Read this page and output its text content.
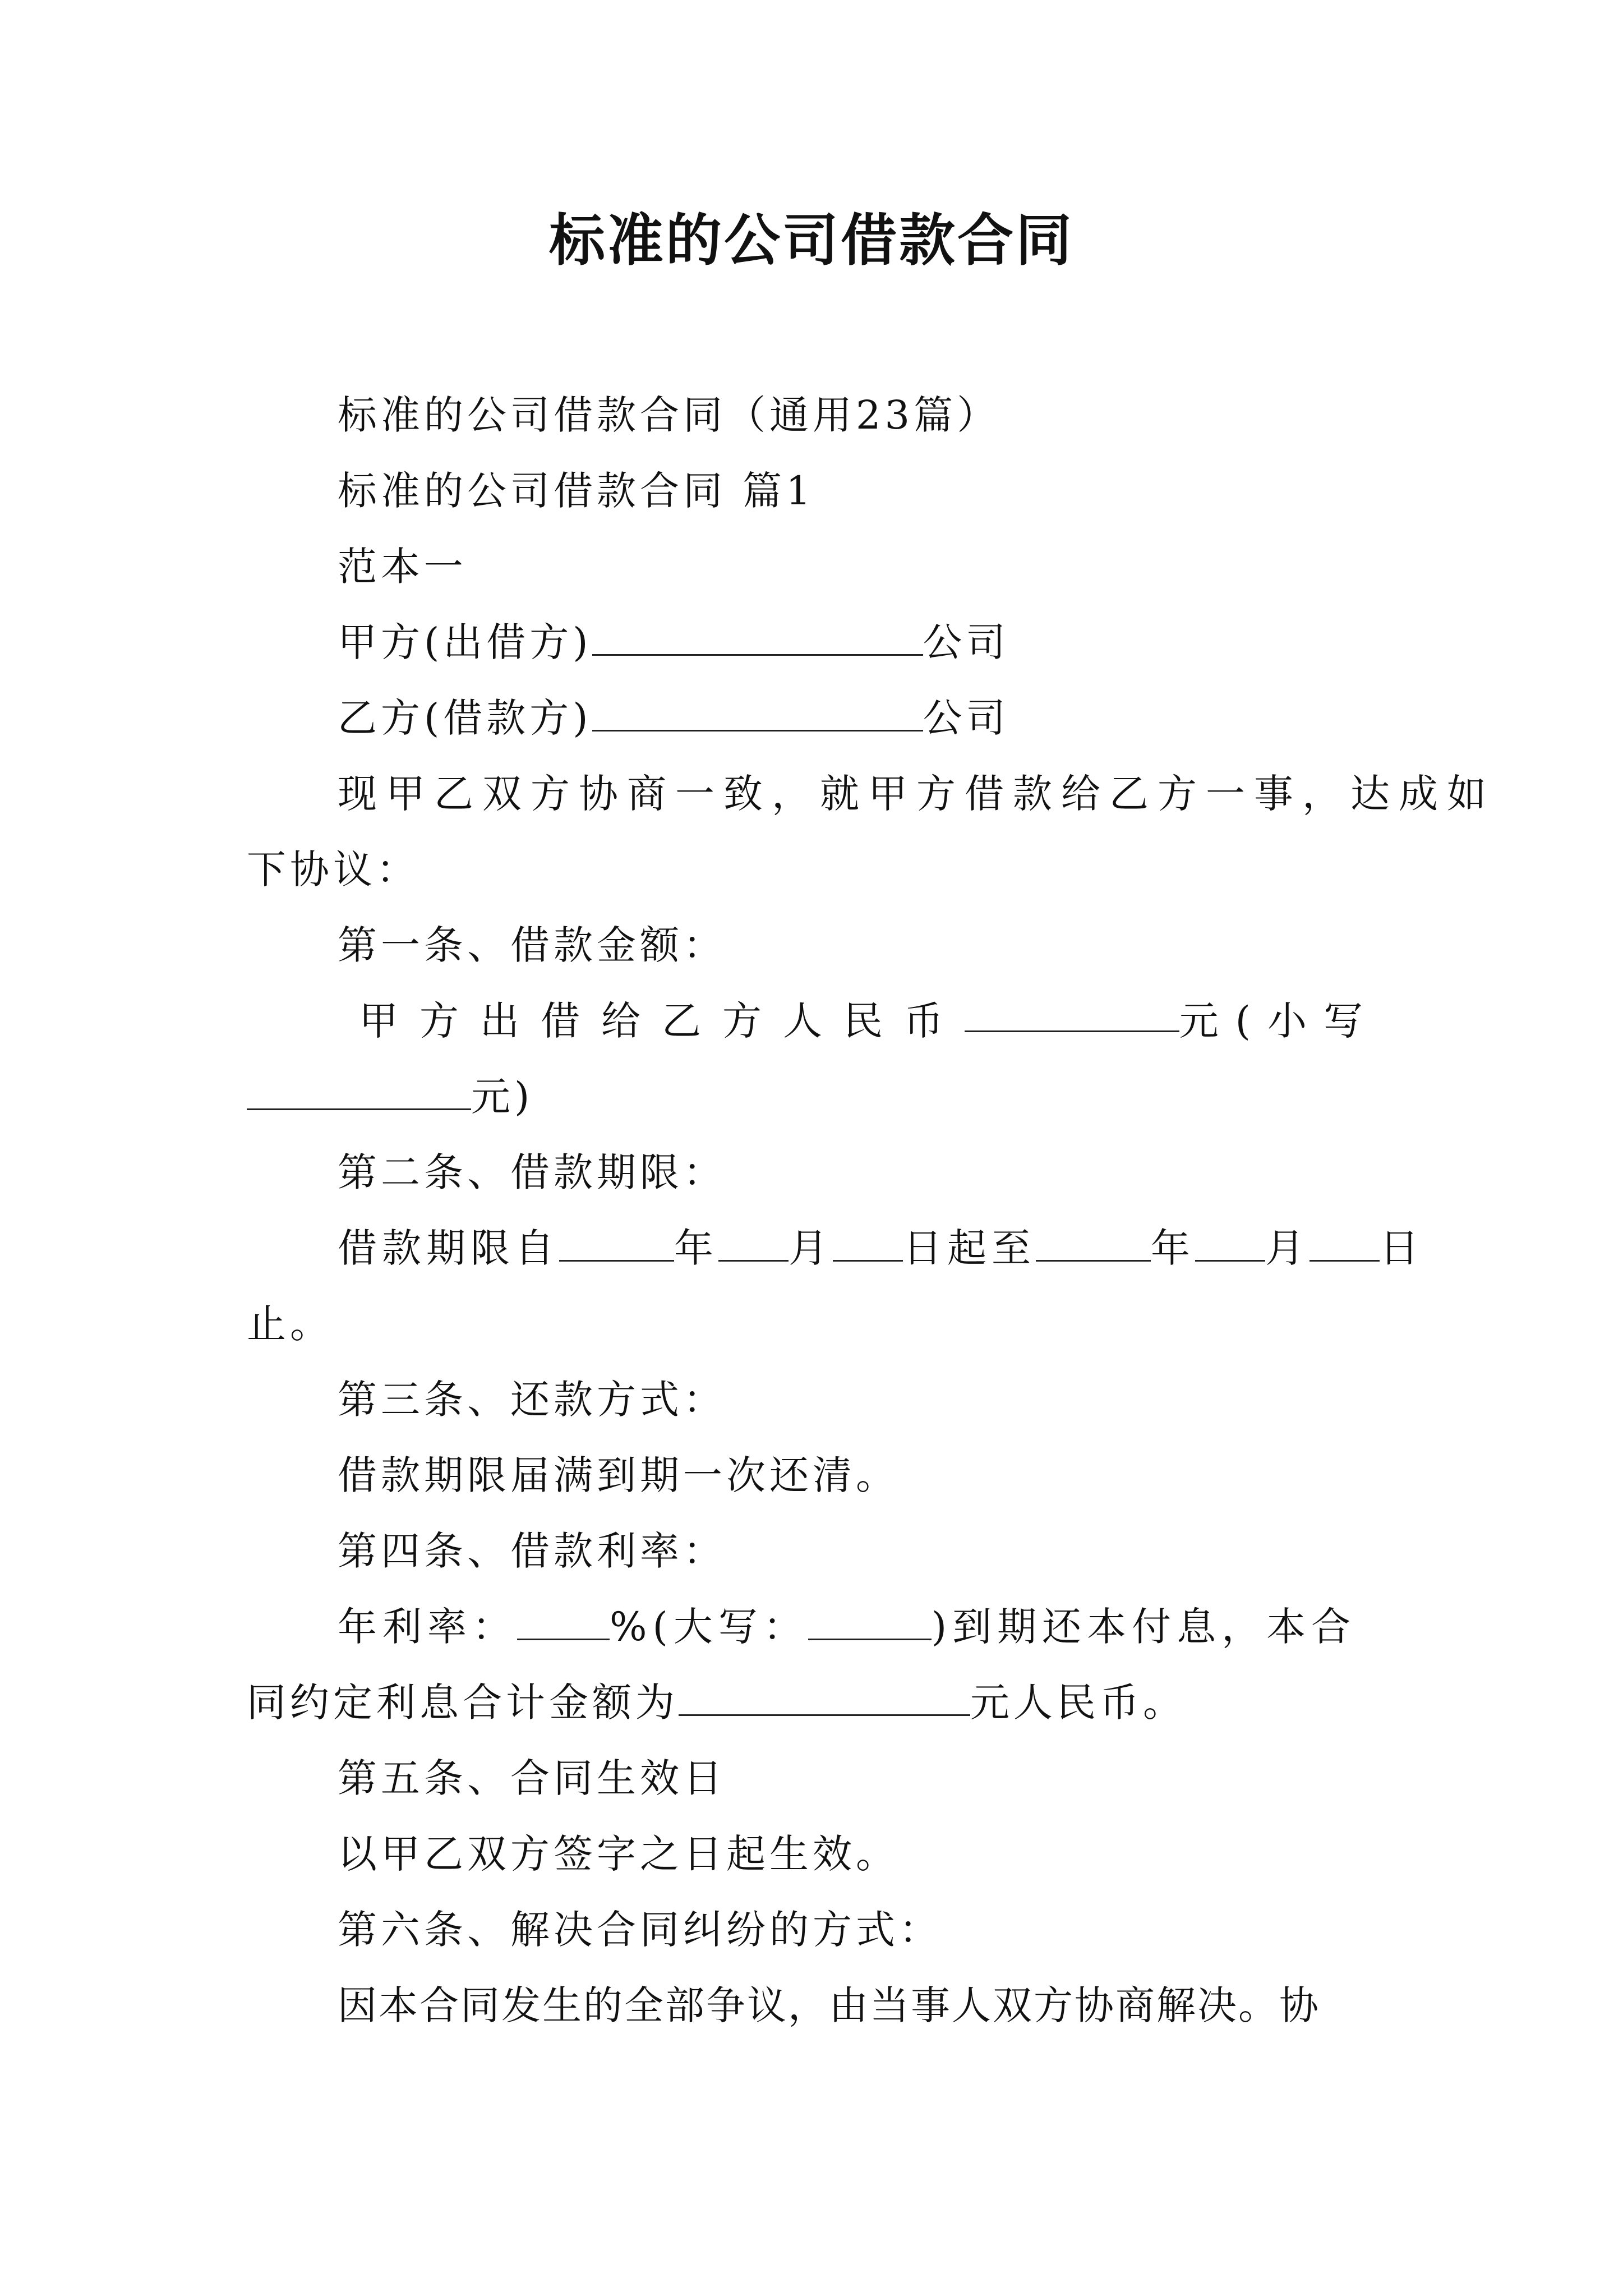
标准的公司借款合同
标准的公司借款合同（通用23篇）
标准的公司借款合同 篇1
范本一
甲方(出借方)	公司
乙方(借款方)	公司
现甲乙双方协商一致，就甲方借款给乙方一事，达成如
下协议：
第一条、借款金额：
甲方出借给乙方人民币	元(小写
元)
第二条、借款期限：
借款期限自	年 月 日起至	年 月 日
止。
第三条、还款方式：
借款期限届满到期一次还清。
第四条、借款利率：
年利率： %(大写：	)到期还本付息，本合
同约定利息合计金额为	元人民币。
第五条、合同生效日
以甲乙双方签字之日起生效。
第六条、解决合同纠纷的方式：
因本合同发生的全部争议，由当事人双方协商解决。协
